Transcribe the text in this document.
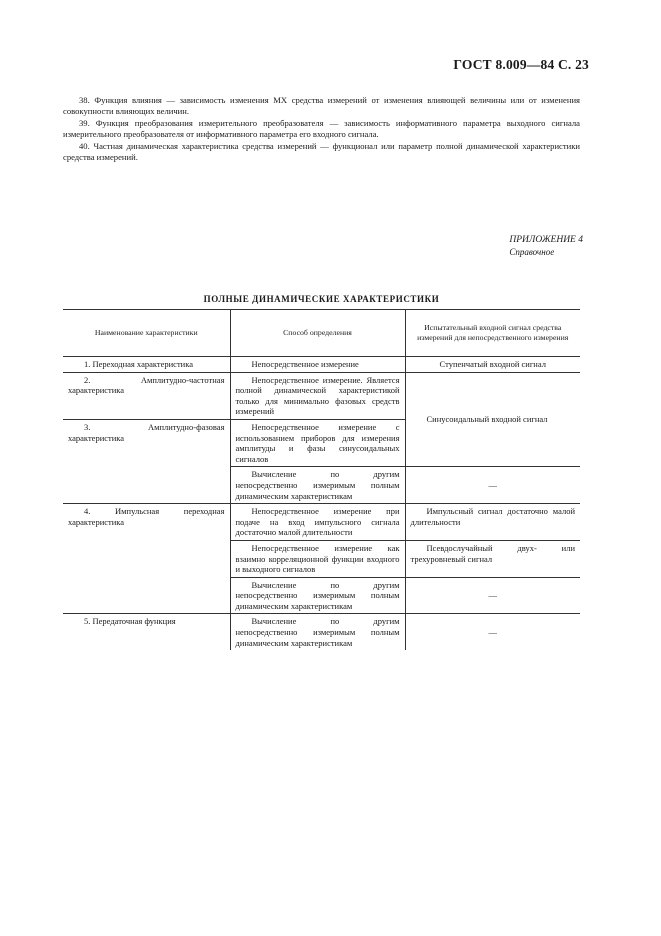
ГОСТ 8.009—84 С. 23

38. Функция влияния — зависимость изменения МХ средства измерений от изменения влияющей величины или от изменения совокупности влияющих величин.

39. Функция преобразования измерительного преобразователя — зависимость информативного параметра выходного сигнала измерительного преобразователя от информативного параметра его входного сигнала.

40. Частная динамическая характеристика средства измерений — функционал или параметр полной динамической характеристики средства измерений.

ПРИЛОЖЕНИЕ 4
Справочное
ПОЛНЫЕ ДИНАМИЧЕСКИЕ ХАРАКТЕРИСТИКИ
Наименование характеристики	Способ определения	Испытательный входной сигнал средства измерений для непосредственного измерения
1. Переходная характеристика	Непосредственное измерение	Ступенчатый входной сигнал
2. Амплитудно-частотная характеристика	Непосредственное измерение. Является полной динамической характеристикой только для минимально фазовых средств измерений	Синусоидальный входной сигнал
3. Амплитудно-фазовая характеристика	Непосредственное измерение с использованием приборов для измерения амплитуды и фазы синусоидальных сигналов	
	Вычисление по другим непосредственно измеримым полным динамическим характеристикам	—
4. Импульсная переходная характеристика	Непосредственное измерение при подаче на вход импульсного сигнала достаточно малой длительности	Импульсный сигнал достаточно малой длительности
	Непосредственное измерение как взаимно корреляционной функции входного и выходного сигналов	Псевдослучайный двух- или трехуровневый сигнал
	Вычисление по другим непосредственно измеримым полным динамическим характеристикам	—
5. Передаточная функция	Вычисление по другим непосредственно измеримым полным динамическим характеристикам	—
